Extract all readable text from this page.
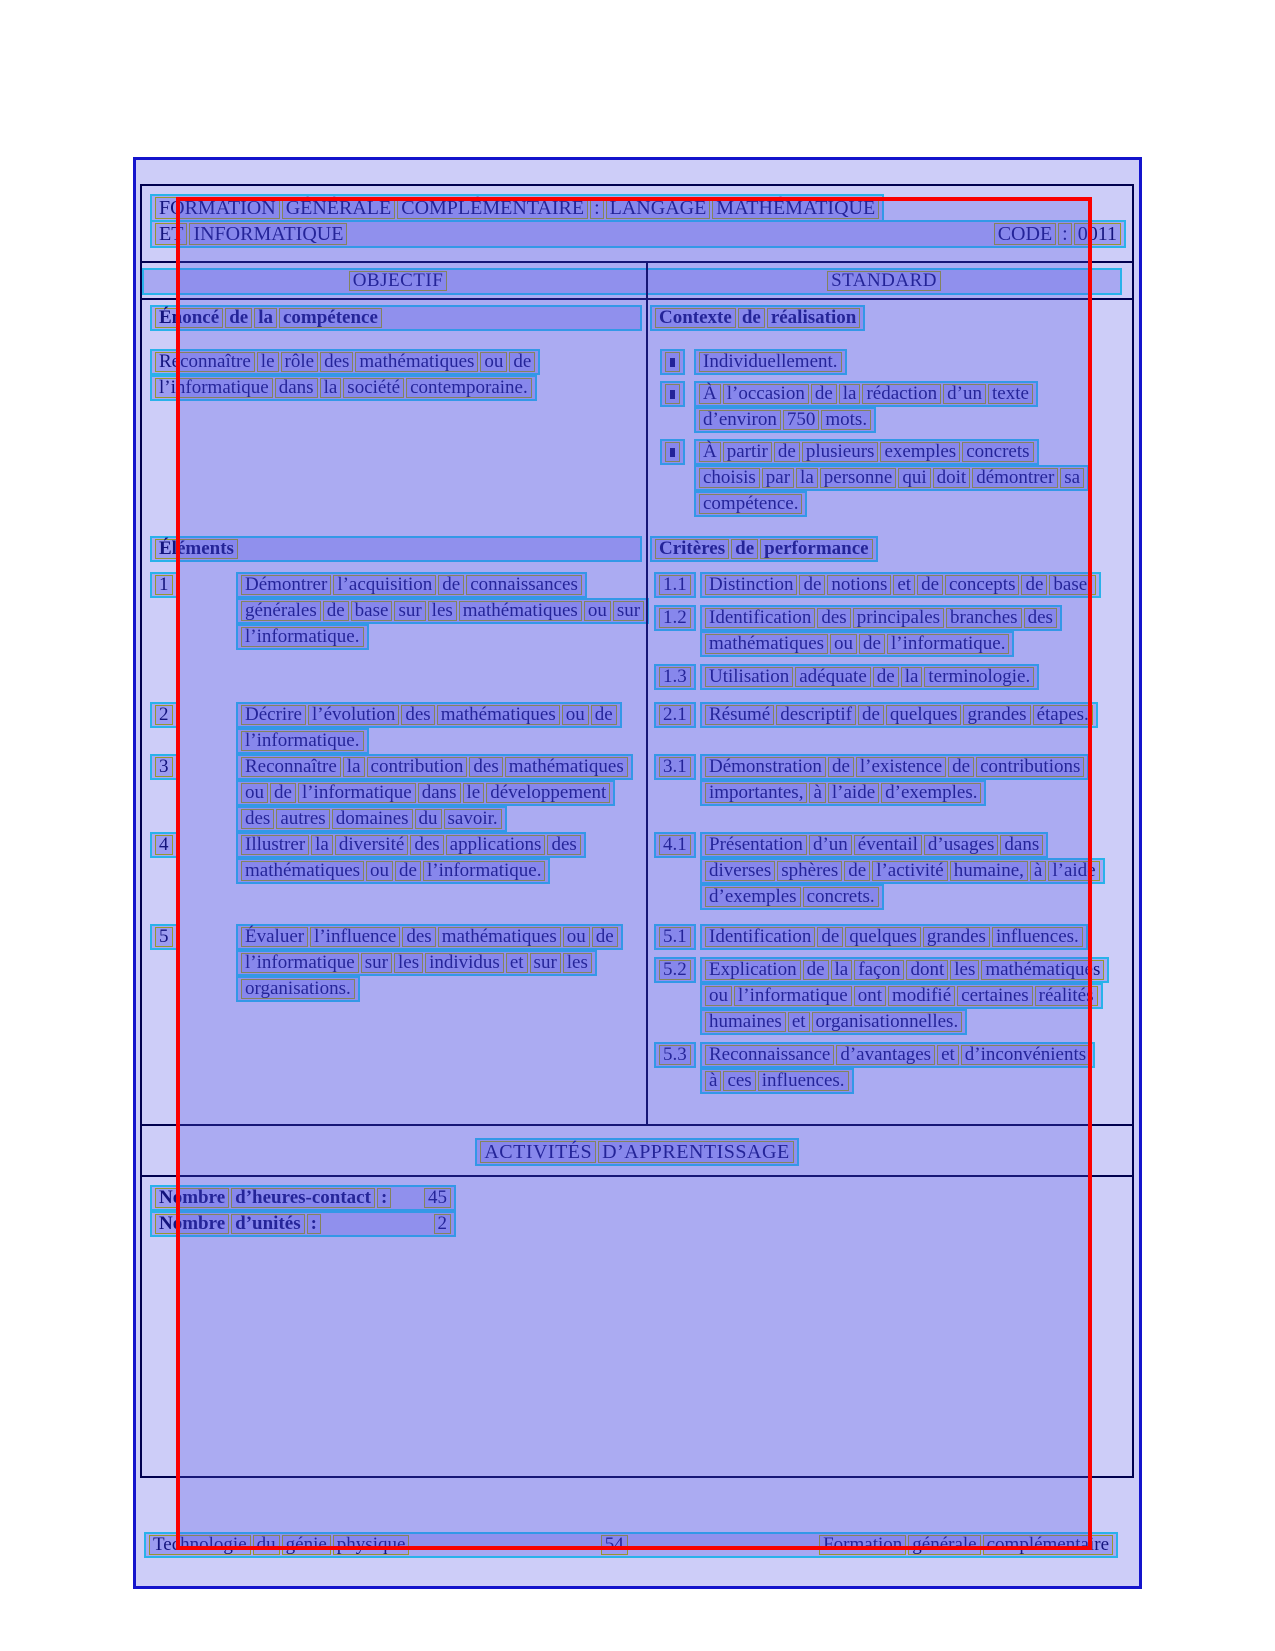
FORMATION GÉNÉRALE COMPLÉMENTAIRE : LANGAGE MATHÉMATIQUE
ET INFORMATIQUE	CODE : 0011
OBJECTIF	STANDARD
Énoncé de la compétence	Contexte de réalisation
Reconnaître le rôle des mathématiques ou de
l’informatique dans la société contemporaine.
Individuellement.
À l’occasion de la rédaction d’un texte
d’environ 750 mots.
À partir de plusieurs exemples concrets
choisis par la personne qui doit démontrer sa
compétence.
Éléments	Critères de performance
1	Démontrer l’acquisition de connaissances
générales de base sur les mathématiques ou sur
l’informatique.
1.1	Distinction de notions et de concepts de base.
1.2	Identification des principales branches des
mathématiques ou de l’informatique.
1.3	Utilisation adéquate de la terminologie.
2	Décrire l’évolution des mathématiques ou de
l’informatique.
2.1	Résumé descriptif de quelques grandes étapes.
3	Reconnaître la contribution des mathématiques
ou de l’informatique dans le développement
des autres domaines du savoir.
3.1	Démonstration de l’existence de contributions
importantes, à l’aide d’exemples.
4	Illustrer la diversité des applications des
mathématiques ou de l’informatique.
4.1	Présentation d’un éventail d’usages dans
diverses sphères de l’activité humaine, à l’aide
d’exemples concrets.
5	Évaluer l’influence des mathématiques ou de
l’informatique sur les individus et sur les
organisations.
5.1	Identification de quelques grandes influences.
5.2	Explication de la façon dont les mathématiques
ou l’informatique ont modifié certaines réalités
humaines et organisationnelles.
5.3	Reconnaissance d’avantages et d’inconvénients
à ces influences.
ACTIVITÉS D’APPRENTISSAGE
Nombre d’heures-contact : 45
Nombre d’unités :	2
Technologie du génie physique	54	Formation générale complémentaire
